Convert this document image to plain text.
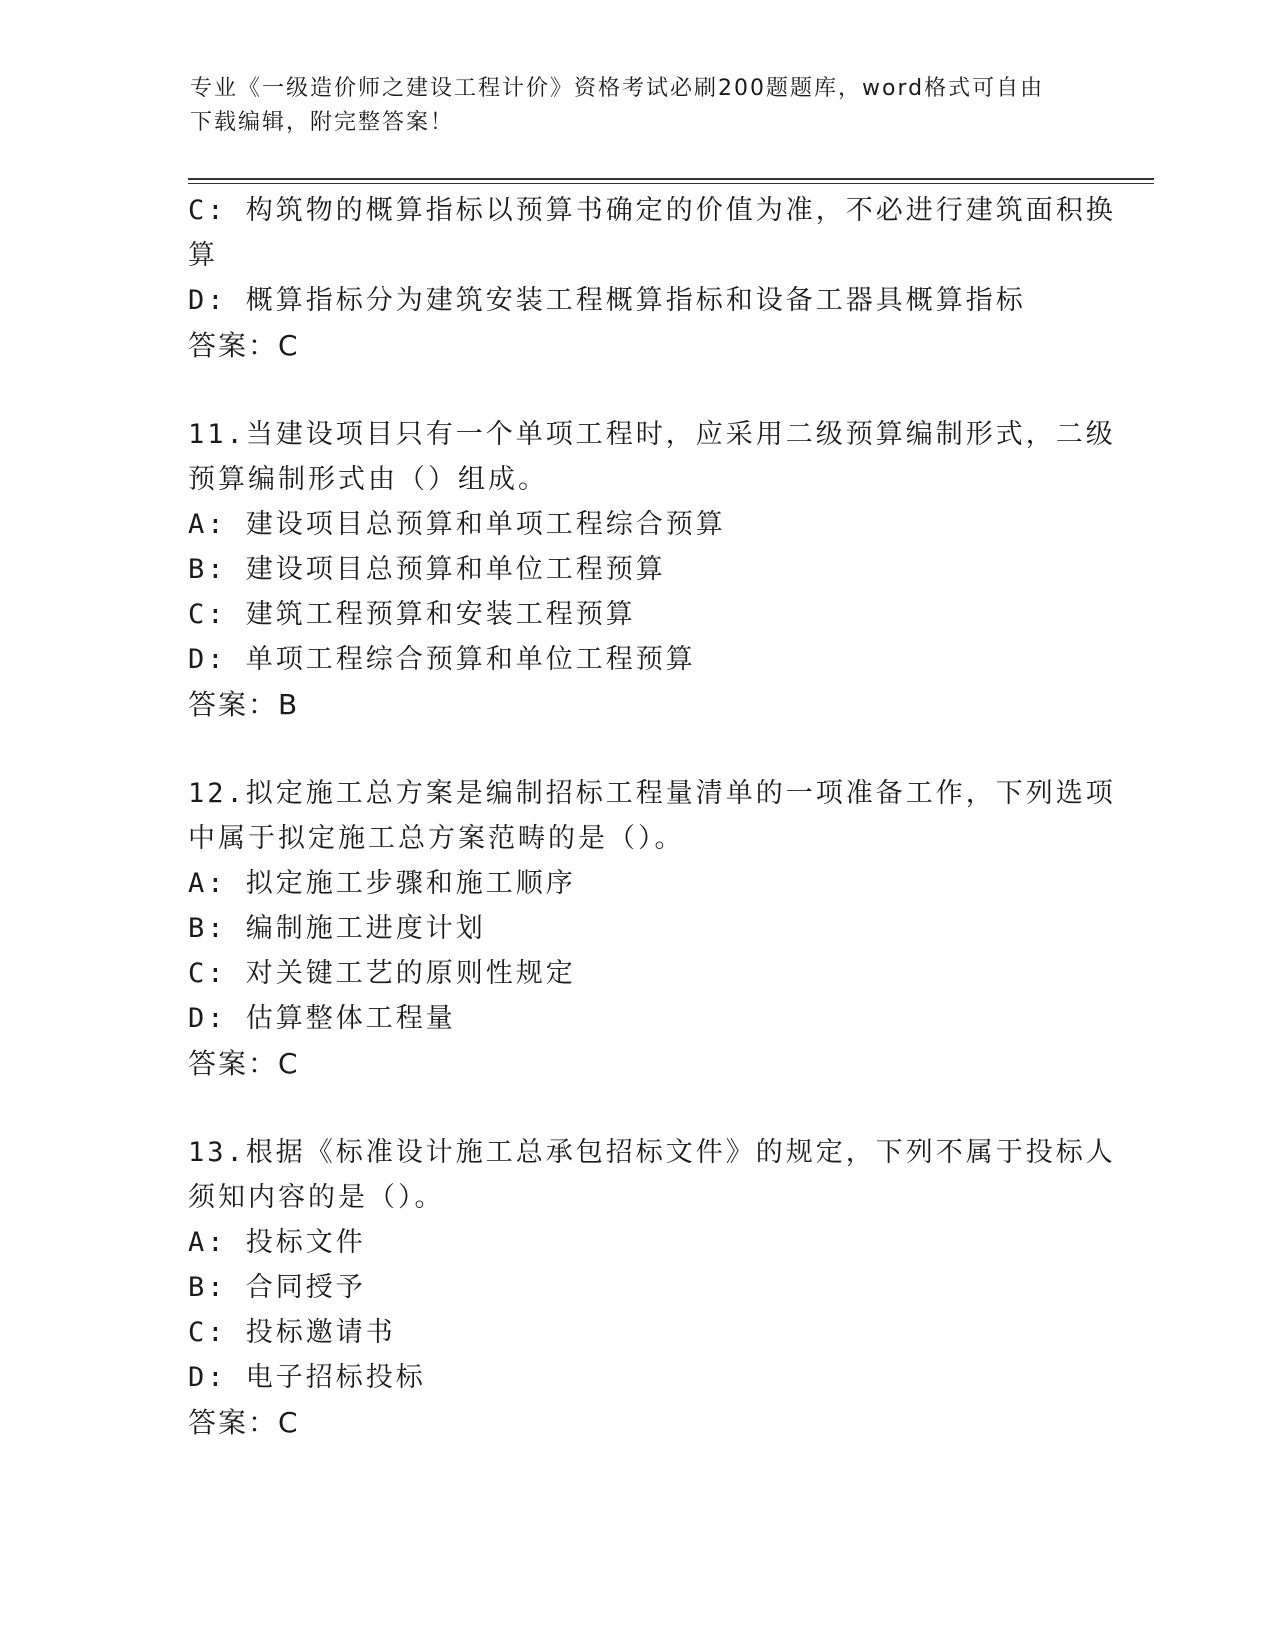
专业《一级造价师之建设工程计价》资格考试必刷200题题库，word格式可自由
下载编辑，附完整答案！
C: 构筑物的概算指标以预算书确定的价值为准，不必进行建筑面积换
算
D: 概算指标分为建筑安装工程概算指标和设备工器具概算指标
答案：C
11.当建设项目只有一个单项工程时，应采用二级预算编制形式，二级
预算编制形式由（）组成。
A: 建设项目总预算和单项工程综合预算
B: 建设项目总预算和单位工程预算
C: 建筑工程预算和安装工程预算
D: 单项工程综合预算和单位工程预算
答案：B
12.拟定施工总方案是编制招标工程量清单的一项准备工作，下列选项
中属于拟定施工总方案范畴的是（）。
A: 拟定施工步骤和施工顺序
B: 编制施工进度计划
C: 对关键工艺的原则性规定
D: 估算整体工程量
答案：C
13.根据《标准设计施工总承包招标文件》的规定，下列不属于投标人
须知内容的是（）。
A: 投标文件
B: 合同授予
C: 投标邀请书
D: 电子招标投标
答案：C
